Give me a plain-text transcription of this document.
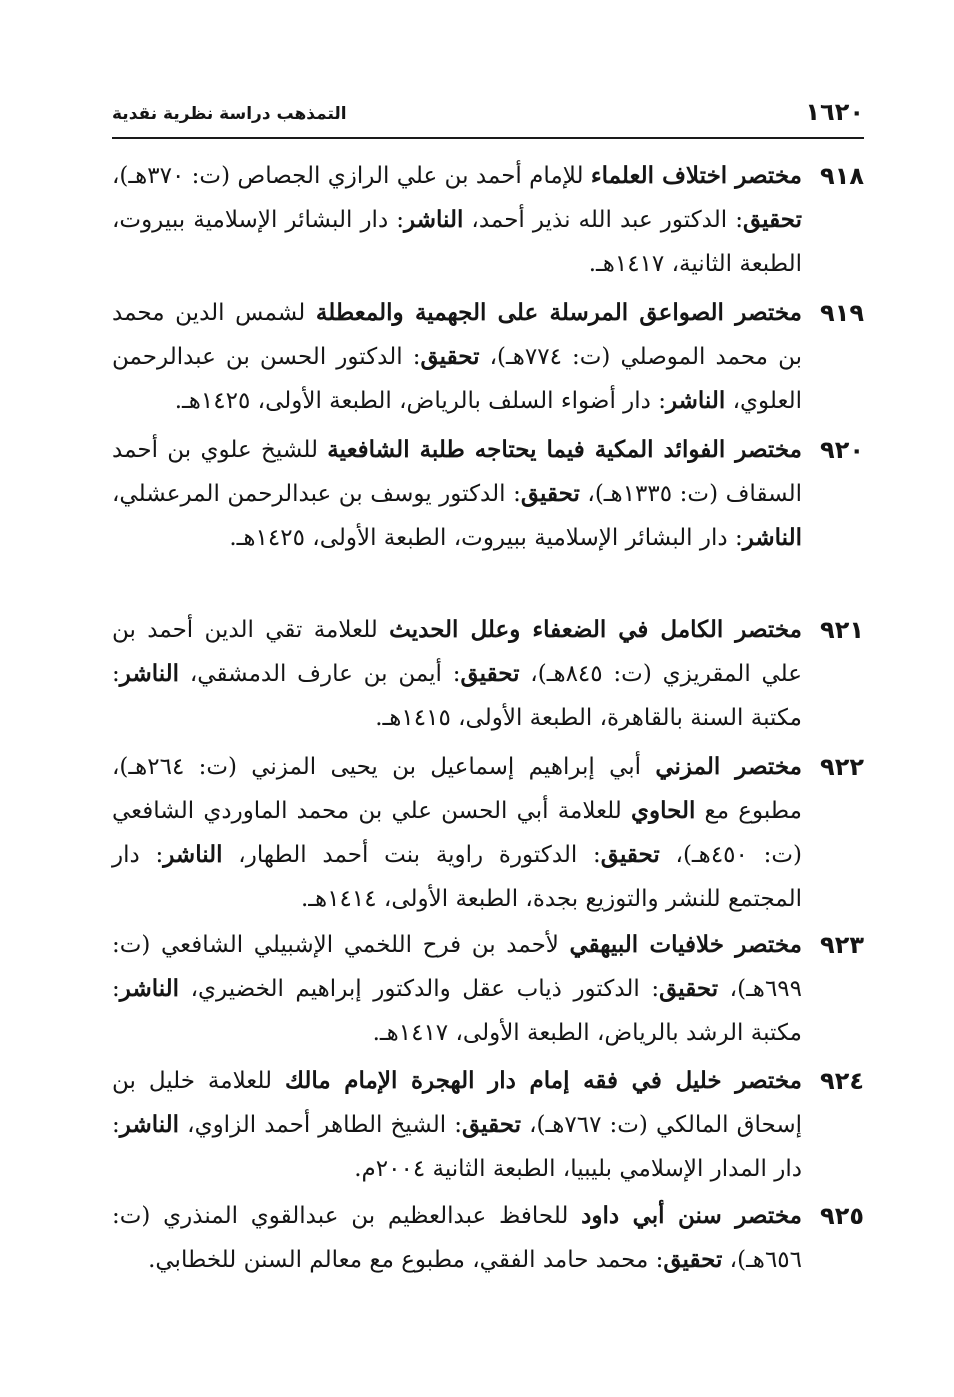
١٦٢٠
التمذهب دراسة نظرية نقدية
٩١٨
مختصر اختلاف العلماء للإمام أحمد بن علي الرازي الجصاص (ت: ٣٧٠هـ)، تحقيق: الدكتور عبد الله نذير أحمد، الناشر: دار البشائر الإسلامية ببيروت، الطبعة الثانية، ١٤١٧هـ.
٩١٩
مختصر الصواعق المرسلة على الجهمية والمعطلة لشمس الدين محمد بن محمد الموصلي (ت: ٧٧٤هـ)، تحقيق: الدكتور الحسن بن عبدالرحمن العلوي، الناشر: دار أضواء السلف بالرياض، الطبعة الأولى، ١٤٢٥هـ.
٩٢٠
مختصر الفوائد المكية فيما يحتاجه طلبة الشافعية للشيخ علوي بن أحمد السقاف (ت: ١٣٣٥هـ)، تحقيق: الدكتور يوسف بن عبدالرحمن المرعشلي، الناشر: دار البشائر الإسلامية ببيروت، الطبعة الأولى، ١٤٢٥هـ.
٩٢١
مختصر الكامل في الضعفاء وعلل الحديث للعلامة تقي الدين أحمد بن علي المقريزي (ت: ٨٤٥هـ)، تحقيق: أيمن بن عارف الدمشقي، الناشر: مكتبة السنة بالقاهرة، الطبعة الأولى، ١٤١٥هـ.
٩٢٢
مختصر المزني أبي إبراهيم إسماعيل بن يحيى المزني (ت: ٢٦٤هـ)، مطبوع مع الحاوي للعلامة أبي الحسن علي بن محمد الماوردي الشافعي (ت: ٤٥٠هـ)، تحقيق: الدكتورة راوية بنت أحمد الطهار، الناشر: دار المجتمع للنشر والتوزيع بجدة، الطبعة الأولى، ١٤١٤هـ.
٩٢٣
مختصر خلافيات البيهقي لأحمد بن فرح اللخمي الإشبيلي الشافعي (ت: ٦٩٩هـ)، تحقيق: الدكتور ذياب عقل والدكتور إبراهيم الخضيري، الناشر: مكتبة الرشد بالرياض، الطبعة الأولى، ١٤١٧هـ.
٩٢٤
مختصر خليل في فقه إمام دار الهجرة الإمام مالك للعلامة خليل بن إسحاق المالكي (ت: ٧٦٧هـ)، تحقيق: الشيخ الطاهر أحمد الزاوي، الناشر: دار المدار الإسلامي بليبيا، الطبعة الثانية ٢٠٠٤م.
٩٢٥
مختصر سنن أبي داود للحافظ عبدالعظيم بن عبدالقوي المنذري (ت: ٦٥٦هـ)، تحقيق: محمد حامد الفقي، مطبوع مع معالم السنن للخطابي.
